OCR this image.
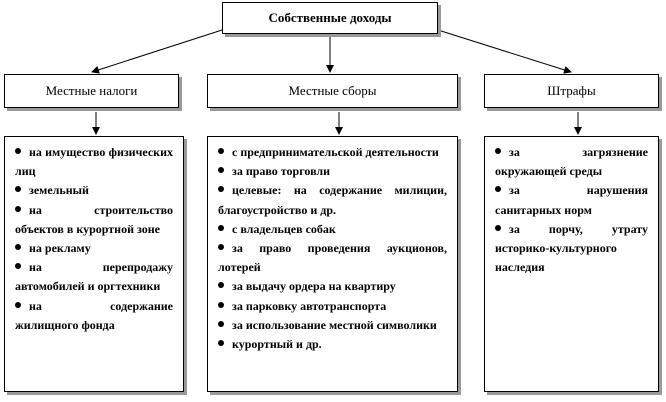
Собственные доходы
Местные налоги	Местные сборы	Штрафы
на имущество физических лиц
земельный
на строительство объектов в курортной зоне
на рекламу
на перепродажу автомобилей и оргтехники
на содержание жилищного фонда
с предпринимательской деятельности
за право торговли
целевые: на содержание милиции, благоустройство и др.
с владельцев собак
за право проведения аукционов, лотерей
за выдачу ордера на квартиру
за парковку автотранспорта
за использование местной символики
курортный и др.
за загрязнение окружающей среды
за нарушения санитарных норм
за порчу, утрату историко-культурного наследия
